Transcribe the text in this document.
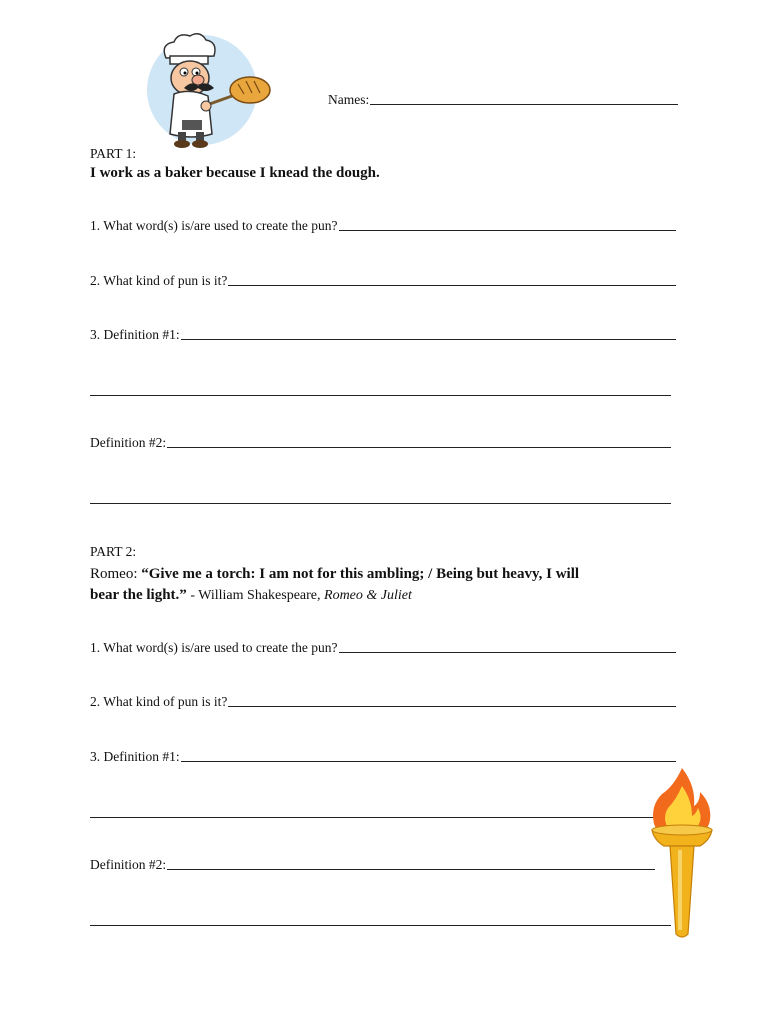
Names:
PART 1:
I work as a baker because I knead the dough.
1. What word(s) is/are used to create the pun?
2. What kind of pun is it?
3. Definition #1:
Definition #2:
PART 2:
Romeo: “Give me a torch: I am not for this ambling; / Being but heavy, I will
bear the light.” - William Shakespeare, Romeo & Juliet
1. What word(s) is/are used to create the pun?
2. What kind of pun is it?
3. Definition #1:
Definition #2:
